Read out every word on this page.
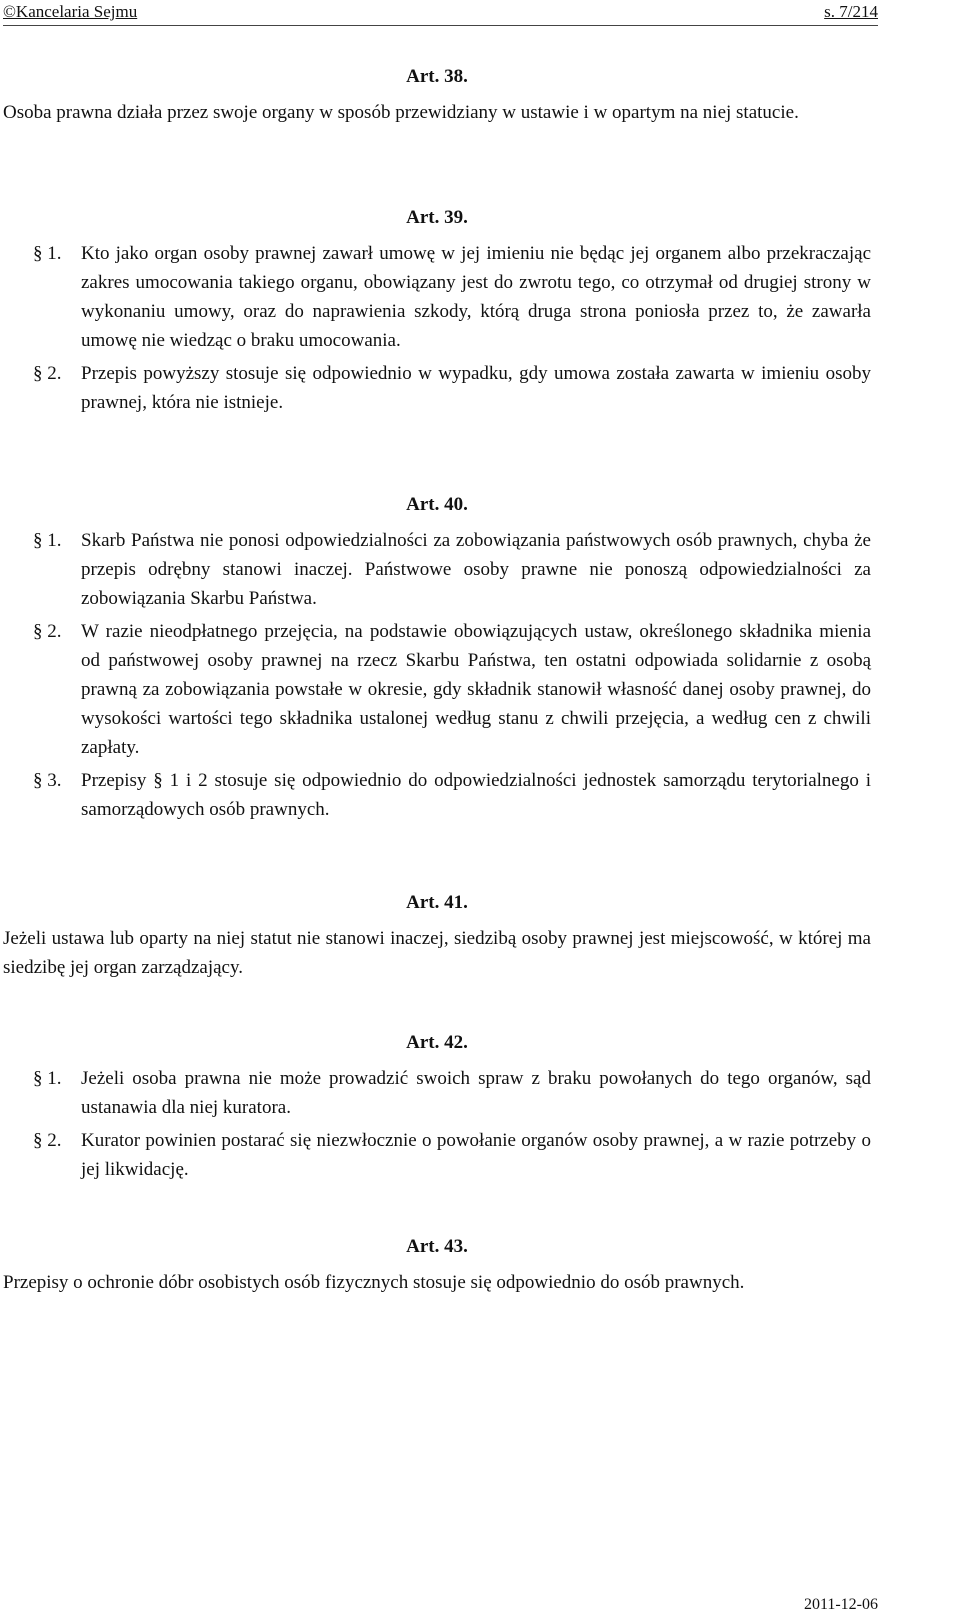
©Kancelaria Sejmu	s. 7/214
Art. 38.
Osoba prawna działa przez swoje organy w sposób przewidziany w ustawie i w opartym na niej statucie.
Art. 39.
§ 1. Kto jako organ osoby prawnej zawarł umowę w jej imieniu nie będąc jej organem albo przekraczając zakres umocowania takiego organu, obowiązany jest do zwrotu tego, co otrzymał od drugiej strony w wykonaniu umowy, oraz do naprawienia szkody, którą druga strona poniosła przez to, że zawarła umowę nie wiedząc o braku umocowania.
§ 2. Przepis powyższy stosuje się odpowiednio w wypadku, gdy umowa została zawarta w imieniu osoby prawnej, która nie istnieje.
Art. 40.
§ 1. Skarb Państwa nie ponosi odpowiedzialności za zobowiązania państwowych osób prawnych, chyba że przepis odrębny stanowi inaczej. Państwowe osoby prawne nie ponoszą odpowiedzialności za zobowiązania Skarbu Państwa.
§ 2. W razie nieodpłatnego przejęcia, na podstawie obowiązujących ustaw, określonego składnika mienia od państwowej osoby prawnej na rzecz Skarbu Państwa, ten ostatni odpowiada solidarnie z osobą prawną za zobowiązania powstałe w okresie, gdy składnik stanowił własność danej osoby prawnej, do wysokości wartości tego składnika ustalonej według stanu z chwili przejęcia, a według cen z chwili zapłaty.
§ 3. Przepisy § 1 i 2 stosuje się odpowiednio do odpowiedzialności jednostek samorządu terytorialnego i samorządowych osób prawnych.
Art. 41.
Jeżeli ustawa lub oparty na niej statut nie stanowi inaczej, siedzibą osoby prawnej jest miejscowość, w której ma siedzibę jej organ zarządzający.
Art. 42.
§ 1. Jeżeli osoba prawna nie może prowadzić swoich spraw z braku powołanych do tego organów, sąd ustanawia dla niej kuratora.
§ 2. Kurator powinien postarać się niezwłocznie o powołanie organów osoby prawnej, a w razie potrzeby o jej likwidację.
Art. 43.
Przepisy o ochronie dóbr osobistych osób fizycznych stosuje się odpowiednio do osób prawnych.
2011-12-06
